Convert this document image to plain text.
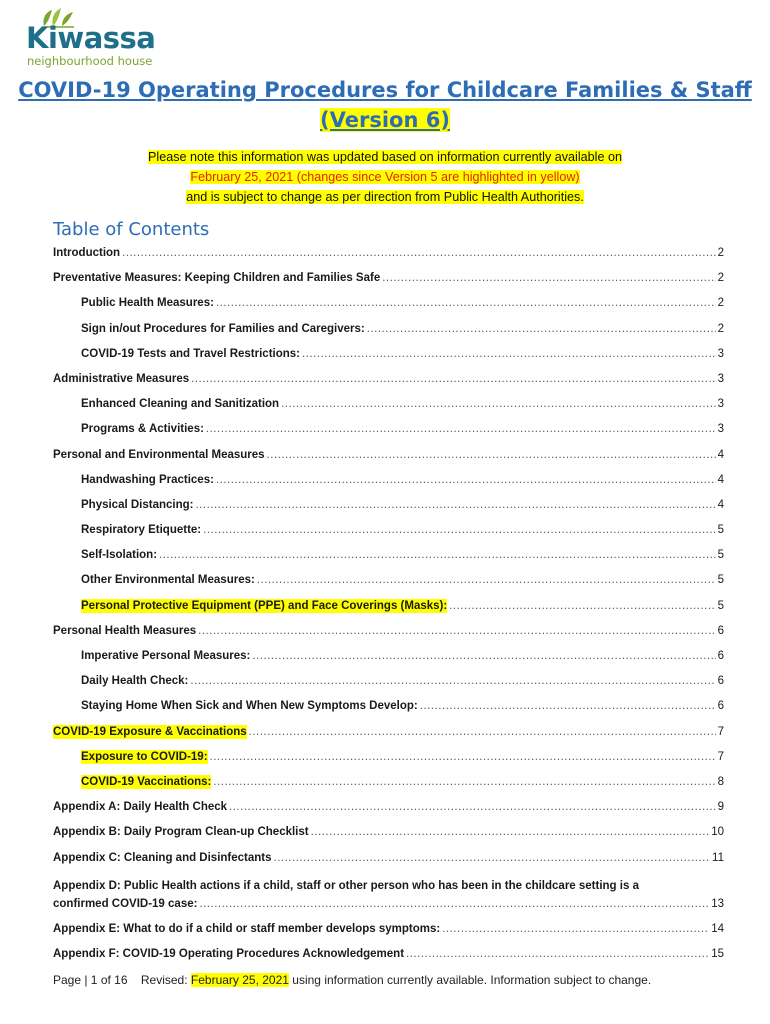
Kiwassa
neighbourhood house
COVID-19 Operating Procedures for Childcare Families & Staff
(Version 6)
Please note this information was updated based on information currently available on
February 25, 2021 (changes since Version 5 are highlighted in yellow)
and is subject to change as per direction from Public Health Authorities.
Table of Contents
Introduction .....	2
Preventative Measures: Keeping Children and Families Safe .....	2
Public Health Measures: .....	2
Sign in/out Procedures for Families and Caregivers: .....	2
COVID-19 Tests and Travel Restrictions: .....	3
Administrative Measures .....	3
Enhanced Cleaning and Sanitization .....	3
Programs & Activities: .....	3
Personal and Environmental Measures .....	4
Handwashing Practices: .....	4
Physical Distancing: .....	4
Respiratory Etiquette: .....	5
Self-Isolation: .....	5
Other Environmental Measures: .....	5
Personal Protective Equipment (PPE) and Face Coverings (Masks): .....	5
Personal Health Measures .....	6
Imperative Personal Measures: .....	6
Daily Health Check: .....	6
Staying Home When Sick and When New Symptoms Develop: .....	6
COVID-19 Exposure & Vaccinations .....	7
Exposure to COVID-19: .....	7
COVID-19 Vaccinations: .....	8
Appendix A: Daily Health Check .....	9
Appendix B: Daily Program Clean-up Checklist .....	10
Appendix C: Cleaning and Disinfectants .....	11
Appendix D: Public Health actions if a child, staff or other person who has been in the childcare setting is a
confirmed COVID-19 case: .....	13
Appendix E: What to do if a child or staff member develops symptoms: .....	14
Appendix F: COVID-19 Operating Procedures Acknowledgement .....	15
Page | 1 of 16 Revised: February 25, 2021 using information currently available. Information subject to change.
